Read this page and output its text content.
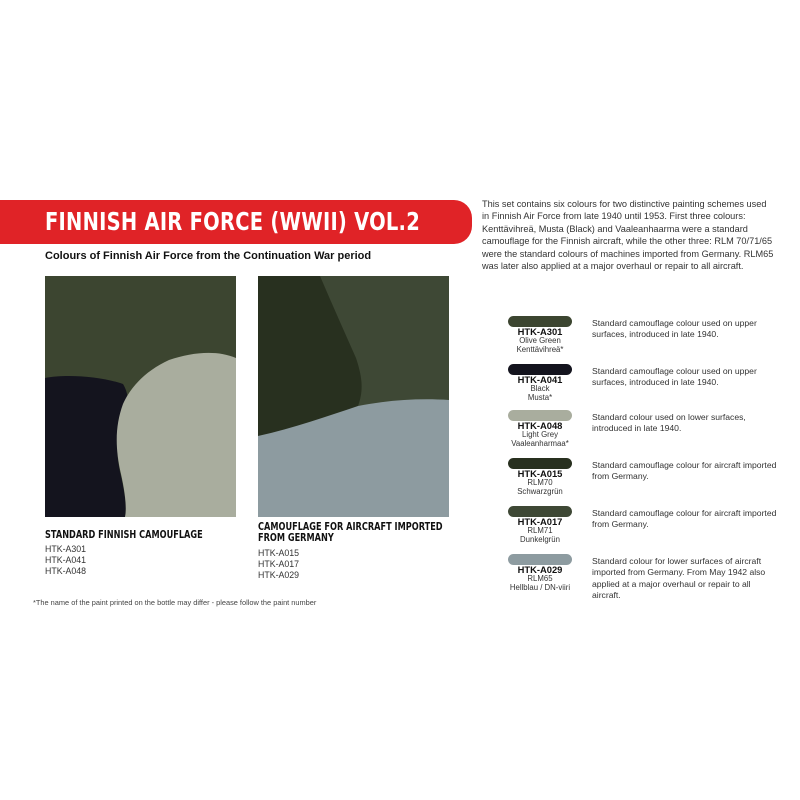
FINNISH AIR FORCE (WWII) VOL.2
Colours of Finnish Air Force from the Continuation War period
This set contains six colours for two distinctive painting schemes used in Finnish Air Force from late 1940 until 1953. First three colours: Kenttävihreä, Musta (Black) and Vaaleanhaarma were a standard camouflage for the Finnish aircraft, while the other three: RLM 70/71/65 were the standard colours of machines imported from Germany. RLM65 was later also applied at a major overhaul or repair to all aircraft.
STANDARD FINNISH CAMOUFLAGE
HTK-A301
HTK-A041
HTK-A048
CAMOUFLAGE FOR AIRCRAFT IMPORTED
FROM GERMANY
HTK-A015
HTK-A017
HTK-A029
*The name of the paint printed on the bottle may differ - please follow the paint number
HTK-A301
Olive Green
Kenttävihreä*
Standard camouflage colour used on upper surfaces, introduced in late 1940.
HTK-A041
Black
Musta*
Standard camouflage colour used on upper surfaces, introduced in late 1940.
HTK-A048
Light Grey
Vaaleanharmaa*
Standard colour used on lower surfaces, introduced in late 1940.
HTK-A015
RLM70
Schwarzgrün
Standard camouflage colour for aircraft imported from Germany.
HTK-A017
RLM71
Dunkelgrün
Standard camouflage colour for aircraft imported from Germany.
HTK-A029
RLM65
Hellblau / DN-viiri
Standard colour for lower surfaces of aircraft imported from Germany. From May 1942 also applied at a major overhaul or repair to all aircraft.
